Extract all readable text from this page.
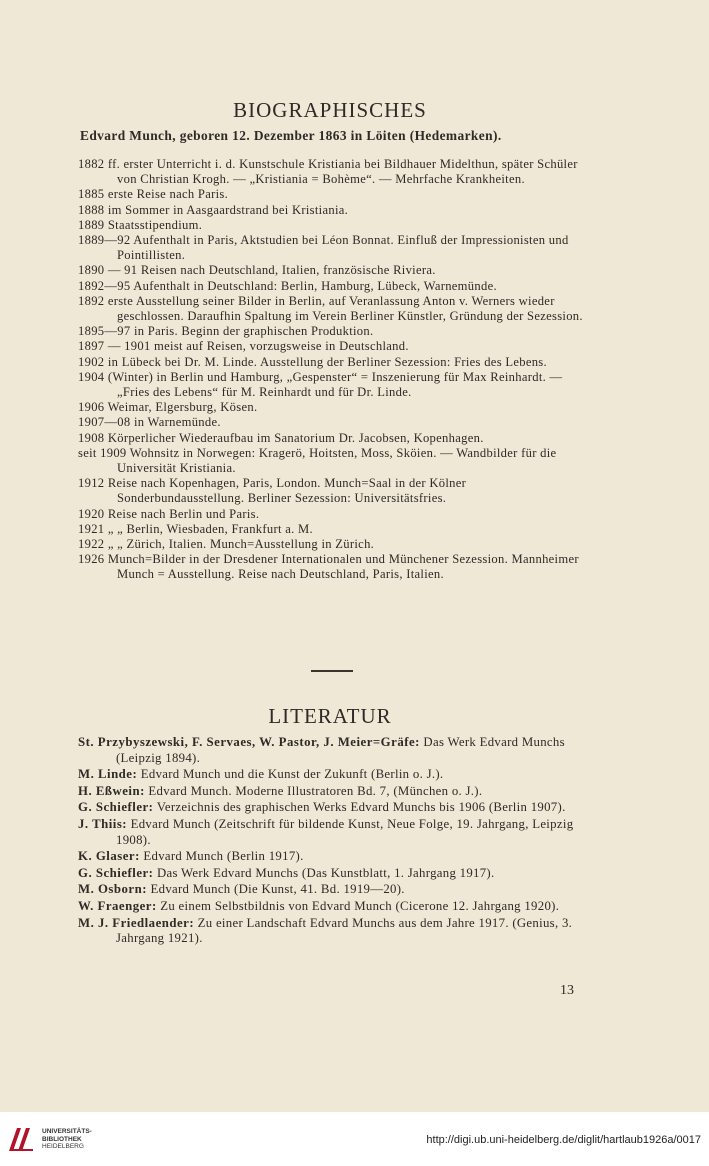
BIOGRAPHISCHES
Edvard Munch, geboren 12. Dezember 1863 in Löiten (Hedemarken).
1882 ff. erster Unterricht i. d. Kunstschule Kristiania bei Bildhauer Midelthun, später Schüler von Christian Krogh. — „Kristiania = Bohème“. — Mehrfache Krankheiten.
1885 erste Reise nach Paris.
1888 im Sommer in Aasgaardstrand bei Kristiania.
1889 Staatsstipendium.
1889—92 Aufenthalt in Paris, Aktstudien bei Léon Bonnat. Einfluß der Impressionisten und Pointillisten.
1890 — 91 Reisen nach Deutschland, Italien, französische Riviera.
1892—95 Aufenthalt in Deutschland: Berlin, Hamburg, Lübeck, Warnemünde.
1892 erste Ausstellung seiner Bilder in Berlin, auf Veranlassung Anton v. Werners wieder geschlossen. Daraufhin Spaltung im Verein Berliner Künstler, Gründung der Sezession.
1895—97 in Paris. Beginn der graphischen Produktion.
1897 — 1901 meist auf Reisen, vorzugsweise in Deutschland.
1902 in Lübeck bei Dr. M. Linde. Ausstellung der Berliner Sezession: Fries des Lebens.
1904 (Winter) in Berlin und Hamburg, „Gespenster“ = Inszenierung für Max Reinhardt. — „Fries des Lebens“ für M. Reinhardt und für Dr. Linde.
1906 Weimar, Elgersburg, Kösen.
1907—08 in Warnemünde.
1908 Körperlicher Wiederaufbau im Sanatorium Dr. Jacobsen, Kopenhagen.
seit 1909 Wohnsitz in Norwegen: Kragerö, Hoitsten, Moss, Sköien. — Wandbilder für die Universität Kristiania.
1912 Reise nach Kopenhagen, Paris, London. Munch=Saal in der Kölner Sonderbundausstellung. Berliner Sezession: Universitätsfries.
1920 Reise nach Berlin und Paris.
1921 „ „ Berlin, Wiesbaden, Frankfurt a. M.
1922 „ „ Zürich, Italien. Munch=Ausstellung in Zürich.
1926 Munch=Bilder in der Dresdener Internationalen und Münchener Sezession. Mannheimer Munch = Ausstellung. Reise nach Deutschland, Paris, Italien.
LITERATUR
St. Przybyszewski, F. Servaes, W. Pastor, J. Meier=Gräfe: Das Werk Edvard Munchs (Leipzig 1894).
M. Linde: Edvard Munch und die Kunst der Zukunft (Berlin o. J.).
H. Eßwein: Edvard Munch. Moderne Illustratoren Bd. 7, (München o. J.).
G. Schiefler: Verzeichnis des graphischen Werks Edvard Munchs bis 1906 (Berlin 1907).
J. Thiis: Edvard Munch (Zeitschrift für bildende Kunst, Neue Folge, 19. Jahrgang, Leipzig 1908).
K. Glaser: Edvard Munch (Berlin 1917).
G. Schiefler: Das Werk Edvard Munchs (Das Kunstblatt, 1. Jahrgang 1917).
M. Osborn: Edvard Munch (Die Kunst, 41. Bd. 1919—20).
W. Fraenger: Zu einem Selbstbildnis von Edvard Munch (Cicerone 12. Jahrgang 1920).
M. J. Friedlaender: Zu einer Landschaft Edvard Munchs aus dem Jahre 1917. (Genius, 3. Jahrgang 1921).
13
UNIVERSITÄTS-
BIBLIOTHEK
HEIDELBERG
http://digi.ub.uni-heidelberg.de/diglit/hartlaub1926a/0017
